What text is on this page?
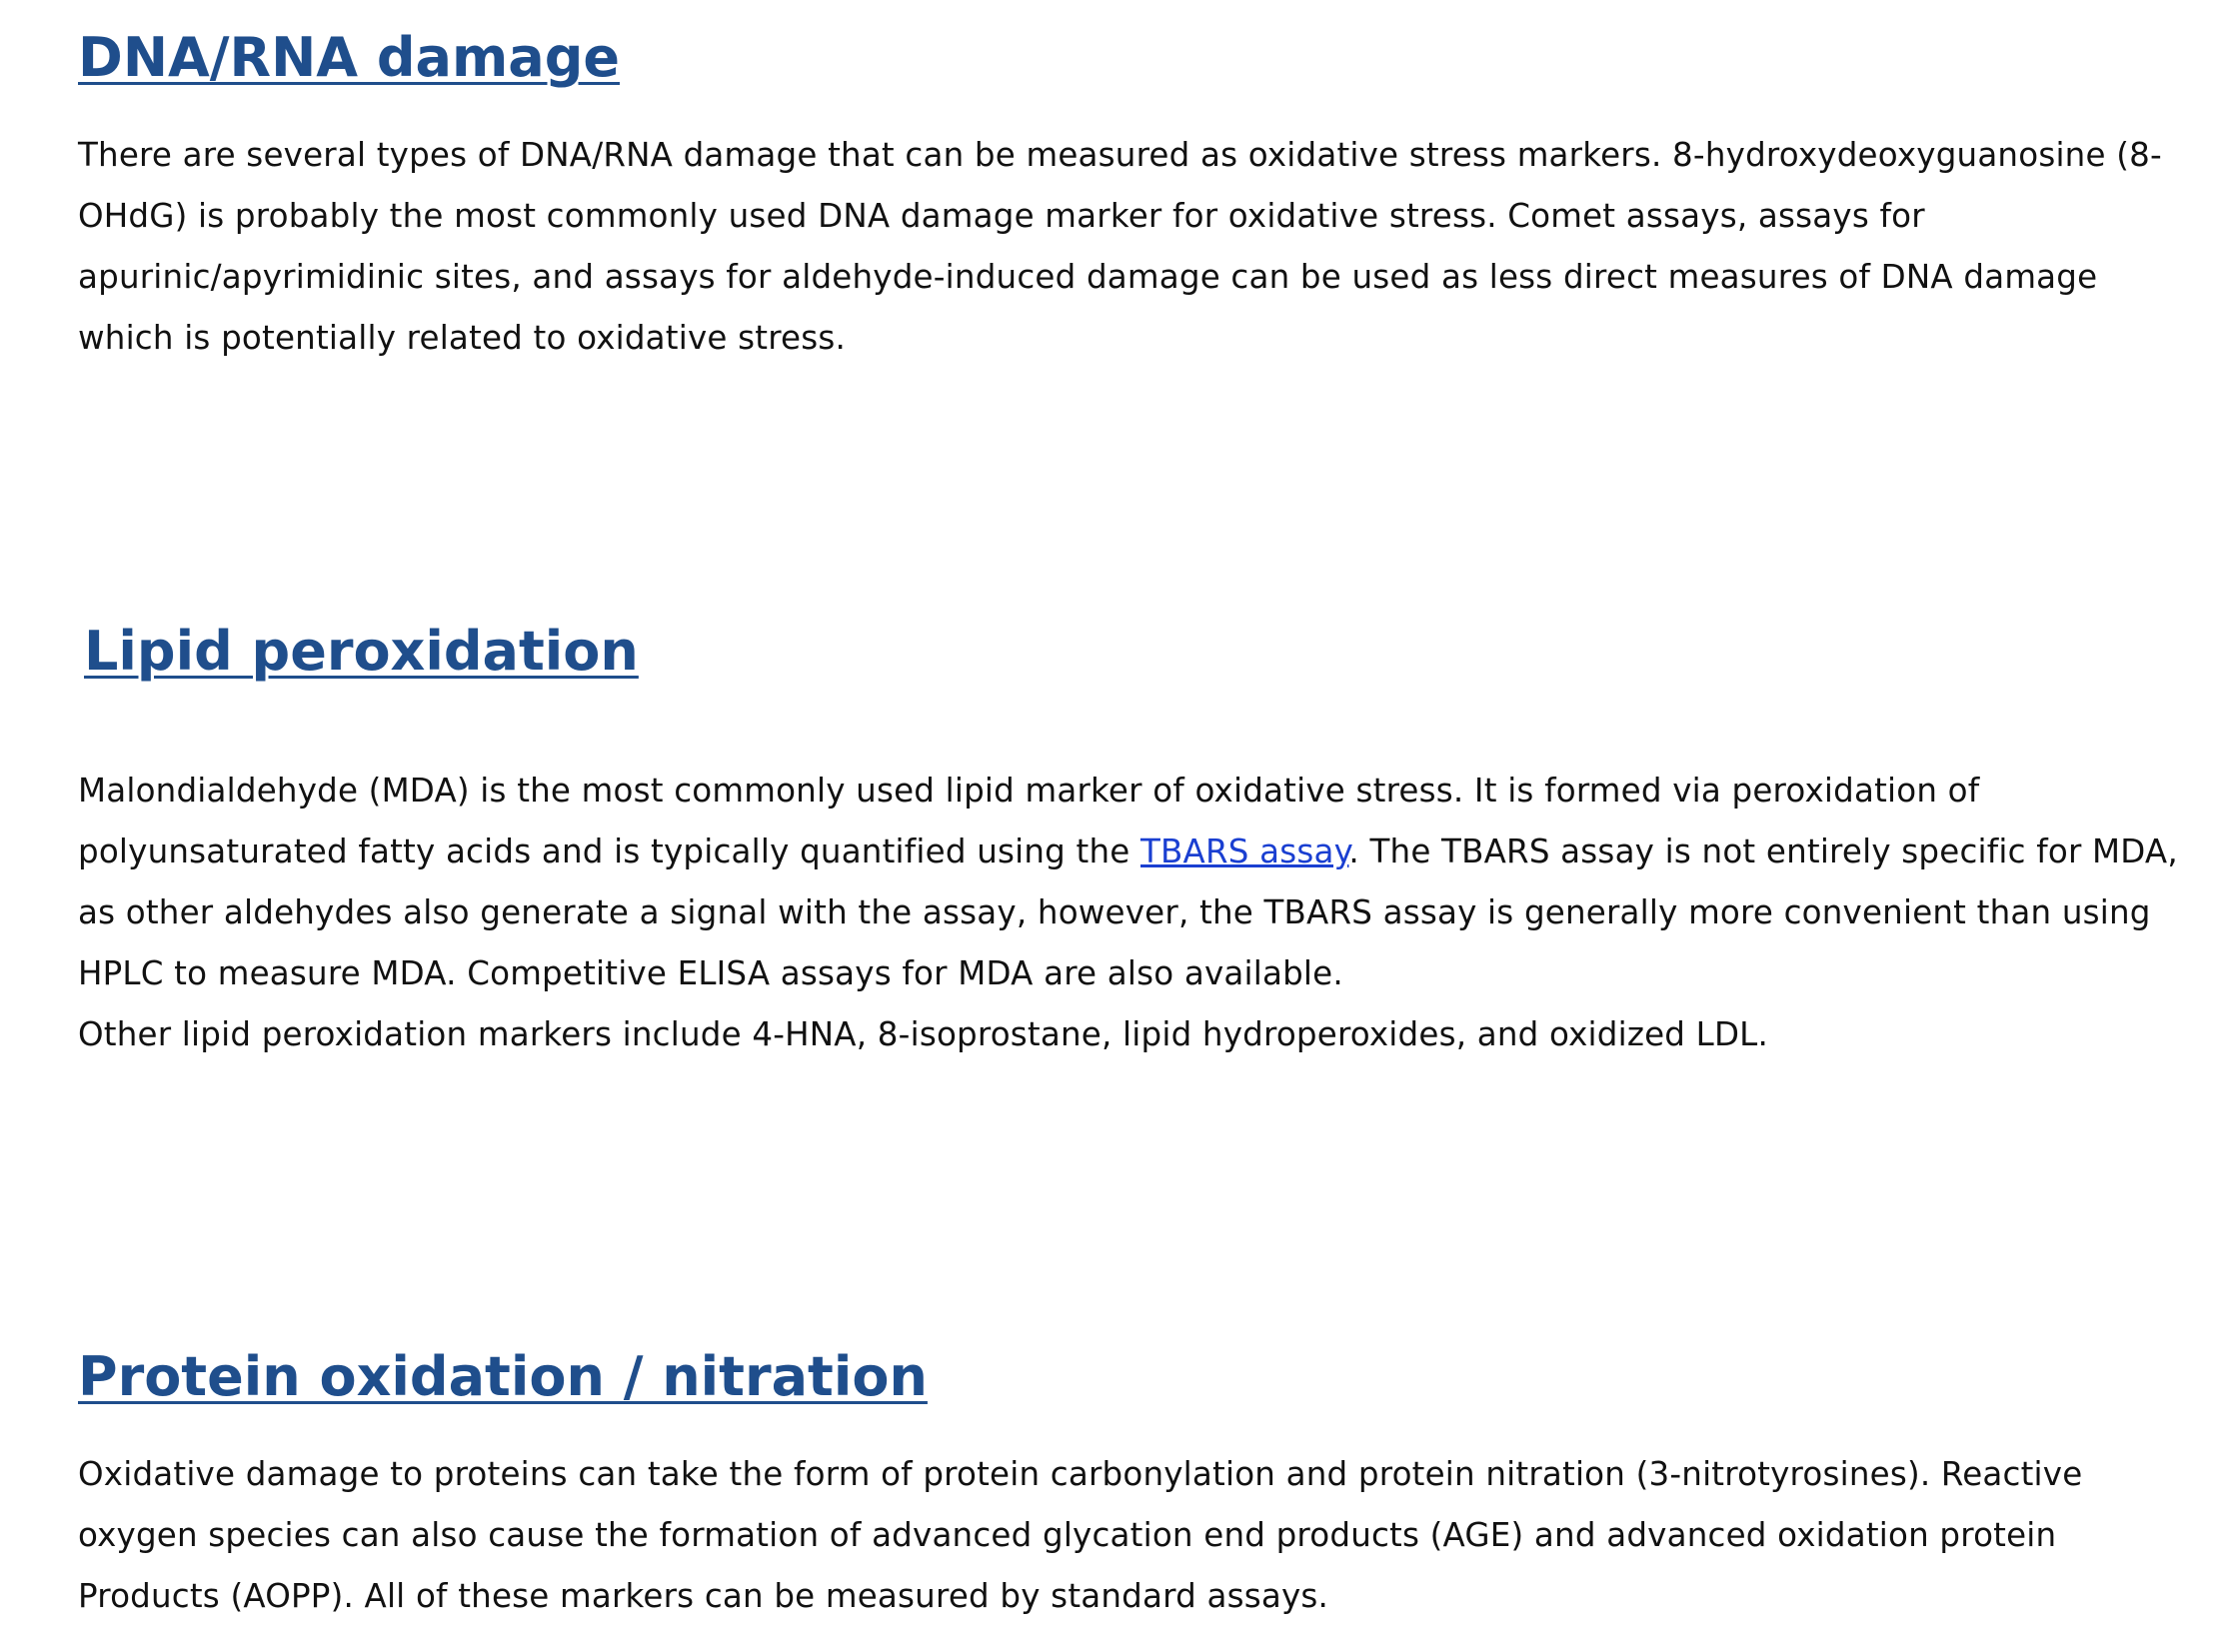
DNA/RNA damage

There are several types of DNA/RNA damage that can be measured as oxidative stress markers. 8-hydroxydeoxyguanosine (8-OHdG) is probably the most commonly used DNA damage marker for oxidative stress. Comet assays, assays for apurinic/apyrimidinic sites, and assays for aldehyde-induced damage can be used as less direct measures of DNA damage which is potentially related to oxidative stress.

Lipid peroxidation

Malondialdehyde (MDA) is the most commonly used lipid marker of oxidative stress. It is formed via peroxidation of polyunsaturated fatty acids and is typically quantified using the TBARS assay. The TBARS assay is not entirely specific for MDA, as other aldehydes also generate a signal with the assay, however, the TBARS assay is generally more convenient than using HPLC to measure MDA. Competitive ELISA assays for MDA are also available.
Other lipid peroxidation markers include 4-HNA, 8-isoprostane, lipid hydroperoxides, and oxidized LDL.

Protein oxidation / nitration

Oxidative damage to proteins can take the form of protein carbonylation and protein nitration (3-nitrotyrosines). Reactive oxygen species can also cause the formation of advanced glycation end products (AGE) and advanced oxidation protein Products (AOPP). All of these markers can be measured by standard assays.
